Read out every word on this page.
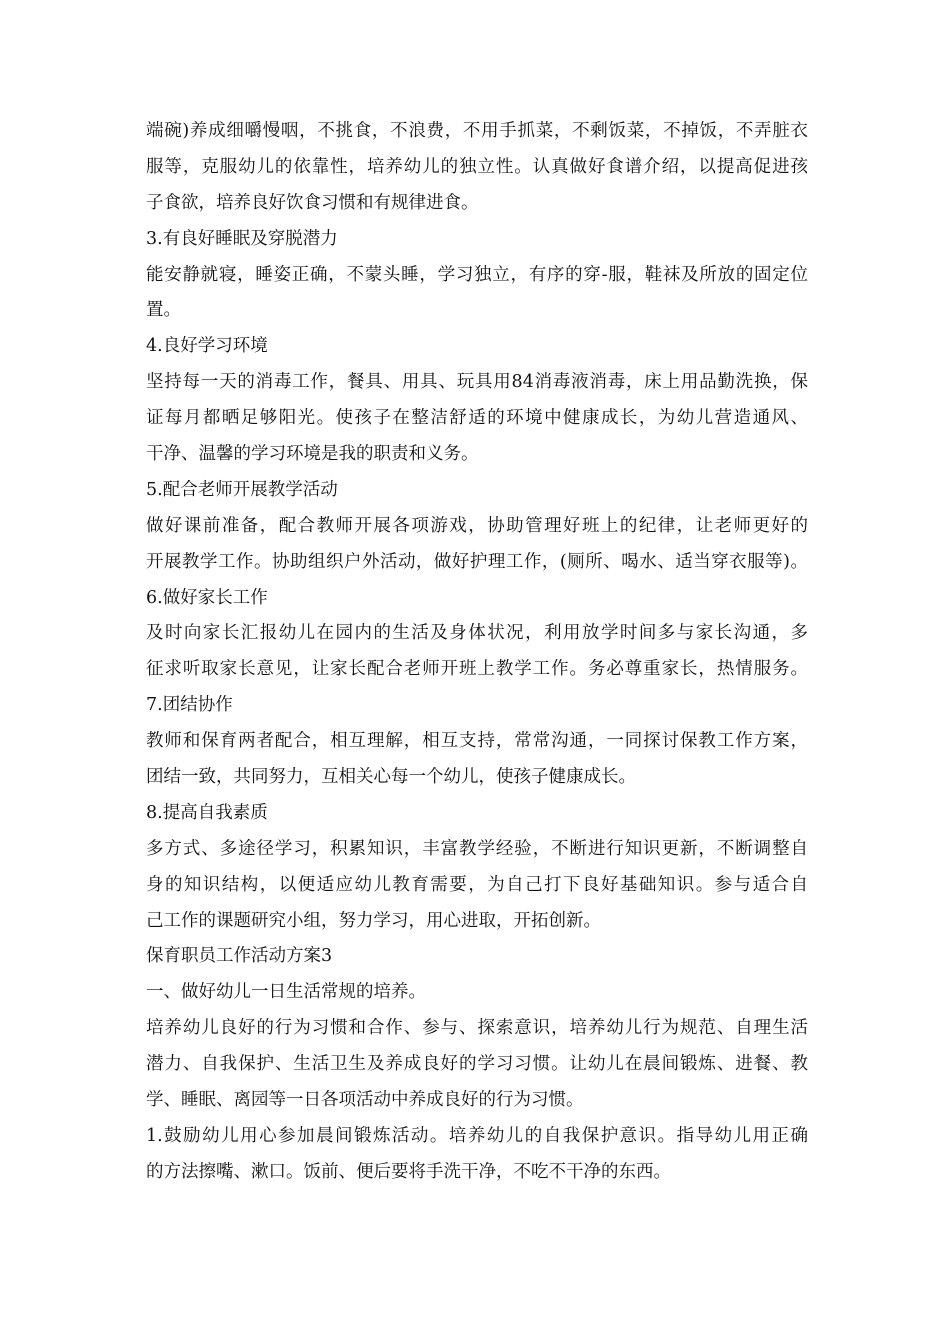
端碗)养成细嚼慢咽，不挑食，不浪费，不用手抓菜，不剩饭菜，不掉饭，不弄脏衣
服等，克服幼儿的依靠性，培养幼儿的独立性。认真做好食谱介绍，以提高促进孩
子食欲，培养良好饮食习惯和有规律进食。
3.有良好睡眠及穿脱潜力
能安静就寝，睡姿正确，不蒙头睡，学习独立，有序的穿-服，鞋袜及所放的固定位
置。
4.良好学习环境
坚持每一天的消毒工作，餐具、用具、玩具用84消毒液消毒，床上用品勤洗换，保
证每月都晒足够阳光。使孩子在整洁舒适的环境中健康成长，为幼儿营造通风、
干净、温馨的学习环境是我的职责和义务。
5.配合老师开展教学活动
做好课前准备，配合教师开展各项游戏，协助管理好班上的纪律，让老师更好的
开展教学工作。协助组织户外活动，做好护理工作，(厕所、喝水、适当穿衣服等)。
6.做好家长工作
及时向家长汇报幼儿在园内的生活及身体状况，利用放学时间多与家长沟通，多
征求听取家长意见，让家长配合老师开班上教学工作。务必尊重家长，热情服务。
7.团结协作
教师和保育两者配合，相互理解，相互支持，常常沟通，一同探讨保教工作方案，
团结一致，共同努力，互相关心每一个幼儿，使孩子健康成长。
8.提高自我素质
多方式、多途径学习，积累知识，丰富教学经验，不断进行知识更新，不断调整自
身的知识结构，以便适应幼儿教育需要，为自己打下良好基础知识。参与适合自
己工作的课题研究小组，努力学习，用心进取，开拓创新。
保育职员工作活动方案3
一、做好幼儿一日生活常规的培养。
培养幼儿良好的行为习惯和合作、参与、探索意识，培养幼儿行为规范、自理生活
潜力、自我保护、生活卫生及养成良好的学习习惯。让幼儿在晨间锻炼、进餐、教
学、睡眠、离园等一日各项活动中养成良好的行为习惯。
1.鼓励幼儿用心参加晨间锻炼活动。培养幼儿的自我保护意识。指导幼儿用正确
的方法擦嘴、漱口。饭前、便后要将手洗干净，不吃不干净的东西。
